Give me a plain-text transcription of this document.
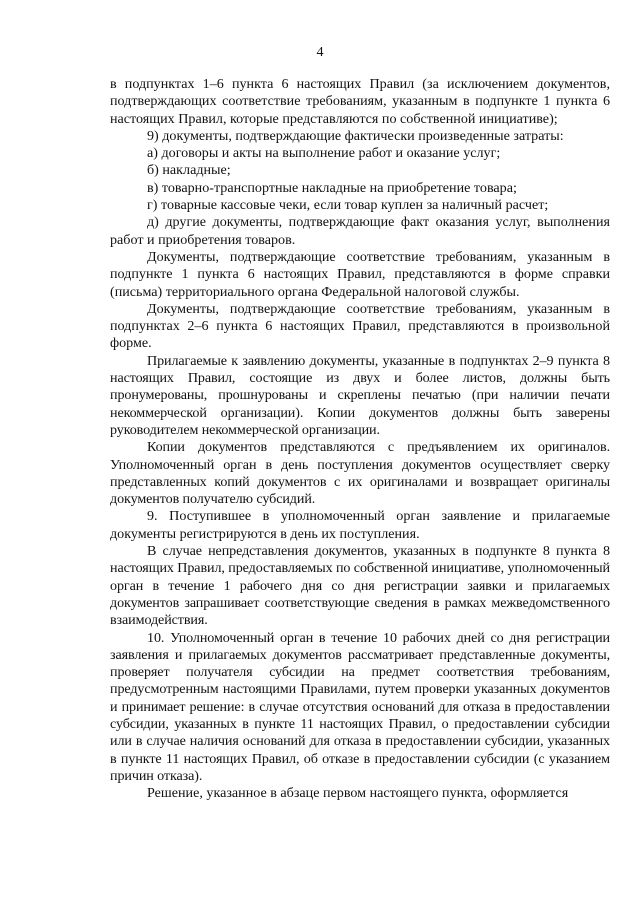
4

в подпунктах 1–6 пункта 6 настоящих Правил (за исключением документов, подтверждающих соответствие требованиям, указанным в подпункте 1 пункта 6 настоящих Правил, которые представляются по собственной инициативе);

9) документы, подтверждающие фактически произведенные затраты:

а) договоры и акты на выполнение работ и оказание услуг;

б) накладные;

в) товарно-транспортные накладные на приобретение товара;

г) товарные кассовые чеки, если товар куплен за наличный расчет;

д) другие документы, подтверждающие факт оказания услуг, выполнения работ и приобретения товаров.

Документы, подтверждающие соответствие требованиям, указанным в подпункте 1 пункта 6 настоящих Правил, представляются в форме справки (письма) территориального органа Федеральной налоговой службы.

Документы, подтверждающие соответствие требованиям, указанным в подпунктах 2–6 пункта 6 настоящих Правил, представляются в произвольной форме.

Прилагаемые к заявлению документы, указанные в подпунктах 2–9 пункта 8 настоящих Правил, состоящие из двух и более листов, должны быть пронумерованы, прошнурованы и скреплены печатью (при наличии печати некоммерческой организации). Копии документов должны быть заверены руководителем некоммерческой организации.

Копии документов представляются с предъявлением их оригиналов. Уполномоченный орган в день поступления документов осуществляет сверку представленных копий документов с их оригиналами и возвращает оригиналы документов получателю субсидий.

9. Поступившее в уполномоченный орган заявление и прилагаемые документы регистрируются в день их поступления.

В случае непредставления документов, указанных в подпункте 8 пункта 8 настоящих Правил, предоставляемых по собственной инициативе, уполномоченный орган в течение 1 рабочего дня со дня регистрации заявки и прилагаемых документов запрашивает соответствующие сведения в рамках межведомственного взаимодействия.

10. Уполномоченный орган в течение 10 рабочих дней со дня регистрации заявления и прилагаемых документов рассматривает представленные документы, проверяет получателя субсидии на предмет соответствия требованиям, предусмотренным настоящими Правилами, путем проверки указанных документов и принимает решение: в случае отсутствия оснований для отказа в предоставлении субсидии, указанных в пункте 11 настоящих Правил, о предоставлении субсидии или в случае наличия оснований для отказа в предоставлении субсидии, указанных в пункте 11 настоящих Правил, об отказе в предоставлении субсидии (с указанием причин отказа).

Решение, указанное в абзаце первом настоящего пункта, оформляется
